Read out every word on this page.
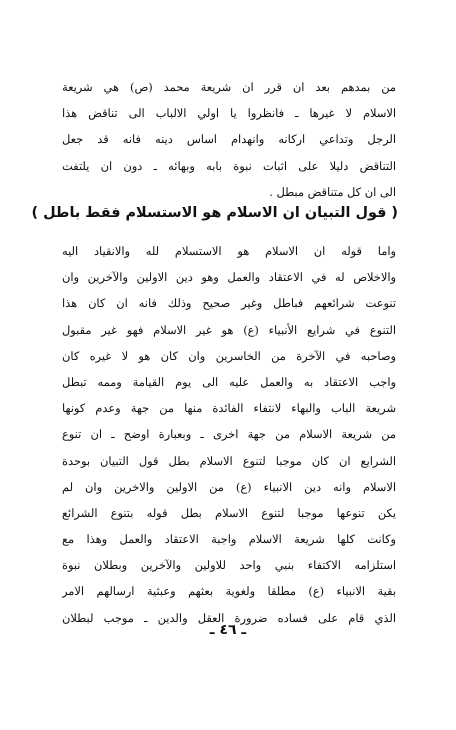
من بمدهم بعد ان قرر ان شريعة محمد (ص) هي شريعة
الاسلام لا غيرها ـ فانظروا يا اولي الالباب الى تناقض هذا
الرجل وتداعي اركانه وانهدام اساس دينه فانه قد جعل
التناقض دليلا على اثبات نبوة بابه وبهائه ـ دون ان يلتفت
الى ان كل متناقض مبطل .
( قول التبيان ان الاسلام هو الاستسلام فقط باطل )
واما قوله ان الاسلام هو الاستسلام لله والانقياد اليه
والاخلاص له في الاعتقاد والعمل وهو دين الاولين والآخرين وان
تنوعت شرائعهم فباطل وغير صحيح وذلك فانه ان كان هذا
التنوع في شرايع الأنبياء (ع) هو غير الاسلام فهو غير مقبول
وصاحبه في الآخرة من الخاسرين وان كان هو لا غيره كان
واجب الاعتقاد به والعمل عليه الى يوم القيامة وممه تبطل
شريعة الباب والبهاء لانتفاء الفائدة منها من جهة وعدم كونها
من شريعة الاسلام من جهة اخرى ـ وبعبارة اوضح ـ ان تنوع
الشرايع ان كان موجبا لتنوع الاسلام بطل قول التبيان بوحدة
الاسلام وانه دين الانبياء (ع) من الاولين والاخرين وان لم
يكن تنوعها موجبا لتنوع الاسلام بطل قوله بتنوع الشرائع
وكانت كلها شريعة الاسلام واجبة الاعتقاد والعمل وهذا مع
استلزامه الاكتفاء بنبي واحد للاولين والآخرين وبطلان نبوة
بقية الانبياء (ع) مطلقا ولغوية بعثهم وعبثية ارسالهم الامر
الذي قام على فساده ضرورة العقل والدين ـ موجب لبطلان
ـ ٤٦ ـ
